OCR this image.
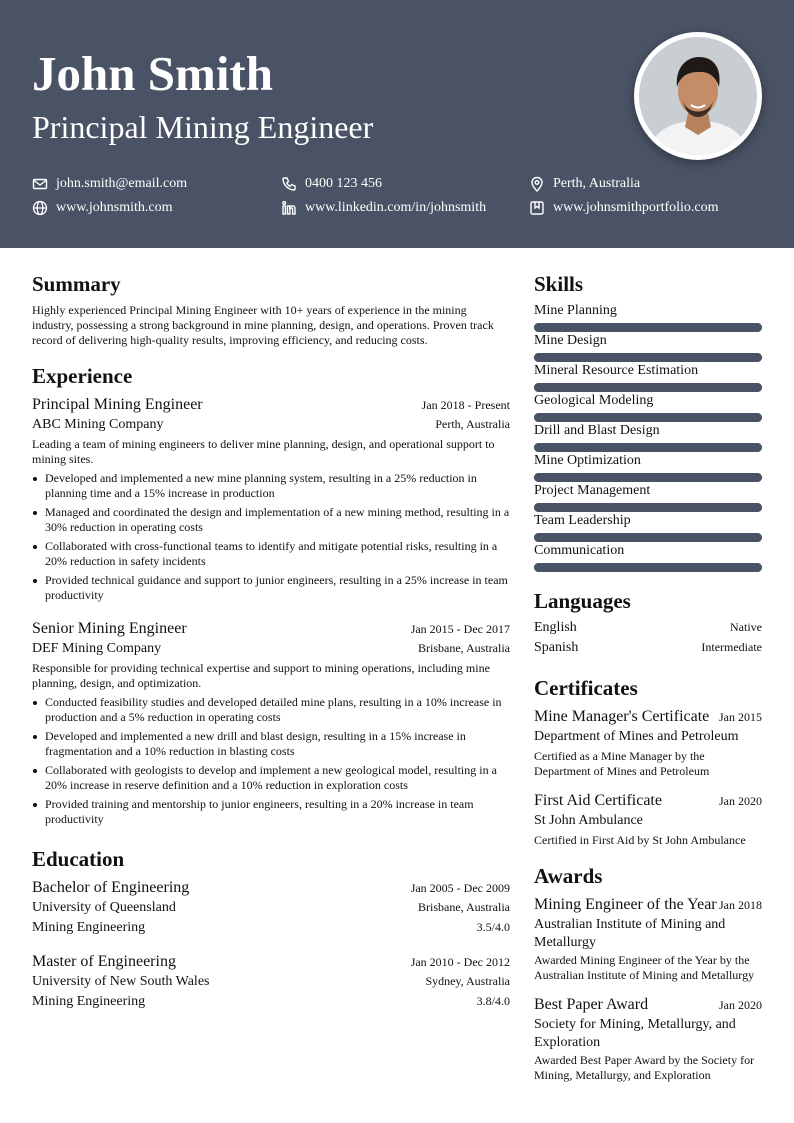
John Smith
Principal Mining Engineer
john.smith@email.com	0400 123 456	Perth, Australia
www.johnsmith.com	www.linkedin.com/in/johnsmith	www.johnsmithportfolio.com
Summary
Highly experienced Principal Mining Engineer with 10+ years of experience in the mining industry, possessing a strong background in mine planning, design, and operations. Proven track record of delivering high-quality results, improving efficiency, and reducing costs.
Experience
Principal Mining Engineer	Jan 2018 - Present
ABC Mining Company	Perth, Australia
Leading a team of mining engineers to deliver mine planning, design, and operational support to mining sites.
Developed and implemented a new mine planning system, resulting in a 25% reduction in planning time and a 15% increase in production
Managed and coordinated the design and implementation of a new mining method, resulting in a 30% reduction in operating costs
Collaborated with cross-functional teams to identify and mitigate potential risks, resulting in a 20% reduction in safety incidents
Provided technical guidance and support to junior engineers, resulting in a 25% increase in team productivity
Senior Mining Engineer	Jan 2015 - Dec 2017
DEF Mining Company	Brisbane, Australia
Responsible for providing technical expertise and support to mining operations, including mine planning, design, and optimization.
Conducted feasibility studies and developed detailed mine plans, resulting in a 10% increase in production and a 5% reduction in operating costs
Developed and implemented a new drill and blast design, resulting in a 15% increase in fragmentation and a 10% reduction in blasting costs
Collaborated with geologists to develop and implement a new geological model, resulting in a 20% increase in reserve definition and a 10% reduction in exploration costs
Provided training and mentorship to junior engineers, resulting in a 20% increase in team productivity
Education
Bachelor of Engineering	Jan 2005 - Dec 2009
University of Queensland	Brisbane, Australia
Mining Engineering	3.5/4.0
Master of Engineering	Jan 2010 - Dec 2012
University of New South Wales	Sydney, Australia
Mining Engineering	3.8/4.0
Skills
Mine Planning
Mine Design
Mineral Resource Estimation
Geological Modeling
Drill and Blast Design
Mine Optimization
Project Management
Team Leadership
Communication
Languages
English	Native
Spanish	Intermediate
Certificates
Mine Manager's Certificate Jan 2015
Department of Mines and Petroleum
Certified as a Mine Manager by the Department of Mines and Petroleum
First Aid Certificate	Jan 2020
St John Ambulance
Certified in First Aid by St John Ambulance
Awards
Mining Engineer of the Year Jan 2018
Australian Institute of Mining and Metallurgy
Awarded Mining Engineer of the Year by the Australian Institute of Mining and Metallurgy
Best Paper Award	Jan 2020
Society for Mining, Metallurgy, and Exploration
Awarded Best Paper Award by the Society for Mining, Metallurgy, and Exploration
